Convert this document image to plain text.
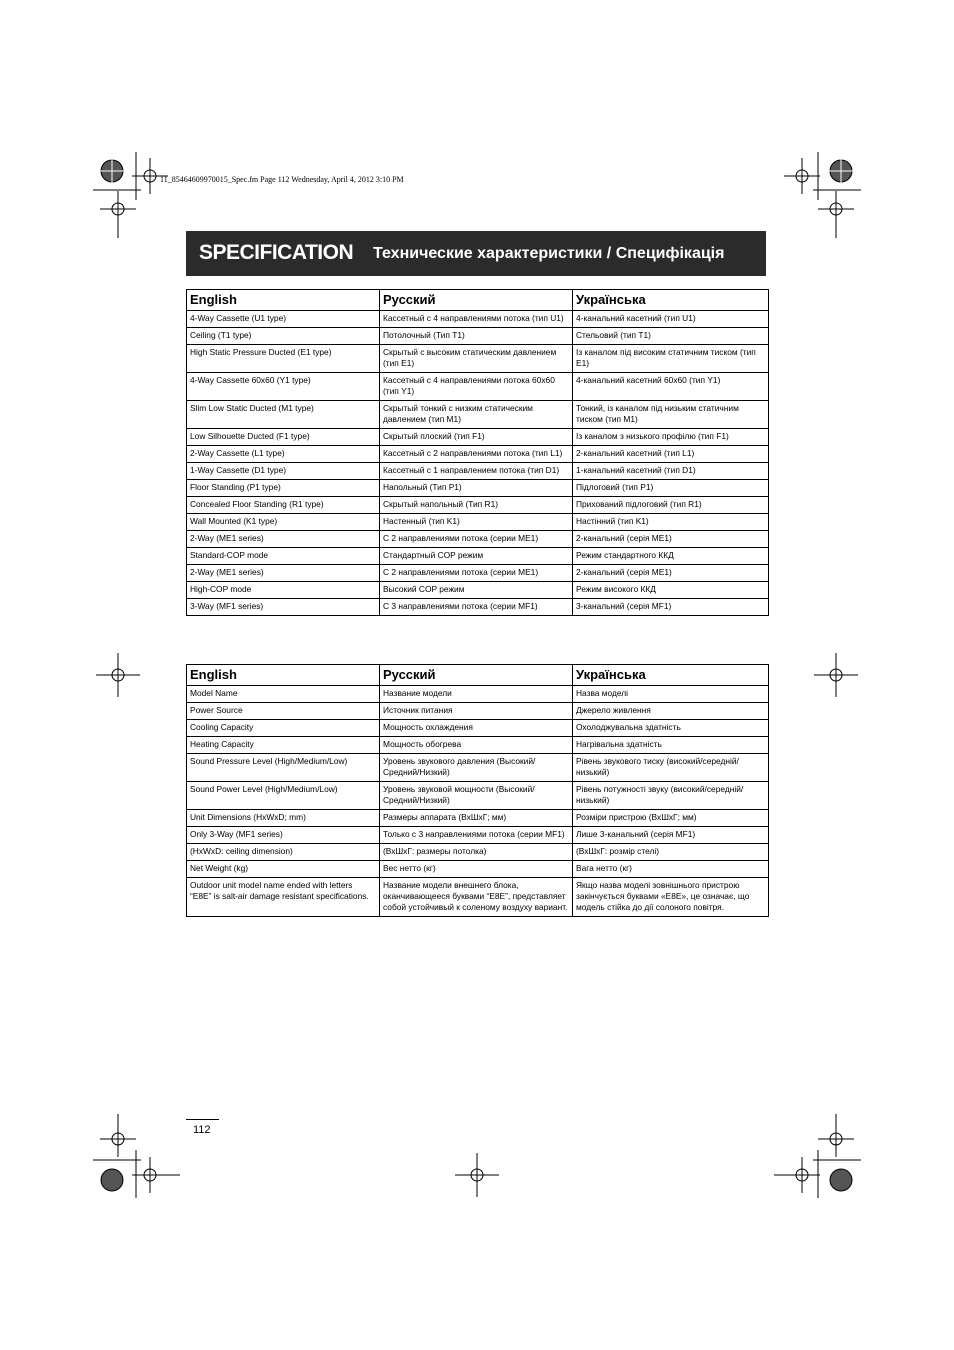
11_85464609970015_Spec.fm Page 112 Wednesday, April 4, 2012 3:10 PM
SPECIFICATION Технические характеристики / Специфікація
English	Русский	Українська
4-Way Cassette (U1 type)	Кассетный с 4 направлениями потока (тип U1)	4-канальний касетний (тип U1)
Ceiling (T1 type)	Потолочный (Тип T1)	Стельовий (тип T1)
High Static Pressure Ducted (E1 type)	Скрытый с высоким статическим давлением (тип E1)	Із каналом під високим статичним тиском (тип E1)
4-Way Cassette 60x60 (Y1 type)	Кассетный с 4 направлениями потока 60x60 (тип Y1)	4-канальний касетний 60x60 (тип Y1)
Slim Low Static Ducted (M1 type)	Скрытый тонкий с низким статическим давлением (тип M1)	Тонкий, із каналом під низьким статичним тиском (тип M1)
Low Silhouette Ducted (F1 type)	Скрытый плоский (тип F1)	Із каналом з низького профілю (тип F1)
2-Way Cassette (L1 type)	Кассетный с 2 направлениями потока (тип L1)	2-канальний касетний (тип L1)
1-Way Cassette (D1 type)	Кассетный с 1 направлением потока (тип D1)	1-канальний касетний (тип D1)
Floor Standing (P1 type)	Напольный (Тип P1)	Підлоговий (тип P1)
Concealed Floor Standing (R1 type)	Скрытый напольный (Тип R1)	Прихований підлоговий (тип R1)
Wall Mounted (K1 type)	Настенный (тип K1)	Настінний (тип K1)
2-Way (ME1 series)	С 2 направлениями потока (серии ME1)	2-канальний (серія ME1)
Standard-COP mode	Стандартный COP режим	Режим стандартного ККД
2-Way (ME1 series)	С 2 направлениями потока (серии ME1)	2-канальний (серія ME1)
High-COP mode	Высокий COP режим	Режим високого ККД
3-Way (MF1 series)	С 3 направлениями потока (серии MF1)	3-канальний (серія MF1)
English	Русский	Українська
Model Name	Название модели	Назва моделі
Power Source	Источник питания	Джерело живлення
Cooling Capacity	Мощность охлаждения	Охолоджувальна здатність
Heating Capacity	Мощность обогрева	Нагрівальна здатність
Sound Pressure Level (High/Medium/Low)	Уровень звукового давления (Высокий/ Средний/Низкий)	Рівень звукового тиску (високий/середній/ низький)
Sound Power Level (High/Medium/Low)	Уровень звуковой мощности (Высокий/ Средний/Низкий)	Рівень потужності звуку (високий/середній/ низький)
Unit Dimensions (HxWxD; mm)	Размеры аппарата (ВхШхГ; мм)	Розміри пристрою (ВхШхГ; мм)
Only 3-Way (MF1 series)	Только с 3 направлениями потока (серии MF1)	Лише 3-канальний (серія MF1)
(HxWxD: ceiling dimension)	(ВхШхГ: размеры потолка)	(ВхШхГ: розмір стелі)
Net Weight (kg)	Вес нетто (кг)	Вага нетто (кг)
Outdoor unit model name ended with letters “E8E” is salt-air damage resistant specifications.	Название модели внешнего блока, оканчивающееся буквами “E8E”, представляет собой устойчивый к соленому воздуху вариант.	Якщо назва моделі зовнішнього пристрою закінчується буквами «E8E», це означає, що модель стійка до дії солоного повітря.
112
